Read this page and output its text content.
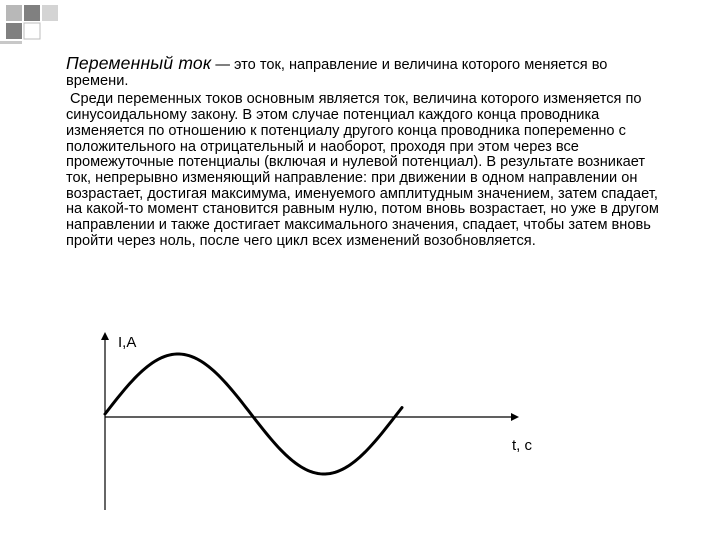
Переменный ток — это ток, направление и величина которого меняется во времени.

Среди переменных токов основным является ток, величина которого изменяется по синусоидальному закону. В этом случае потенциал каждого конца проводника изменяется по отношению к потенциалу другого конца проводника попеременно с положительного на отрицательный и наоборот, проходя при этом через все промежуточные потенциалы (включая и нулевой потенциал). В результате возникает ток, непрерывно изменяющий направление: при движении в одном направлении он возрастает, достигая максимума, именуемого амплитудным значением, затем спадает, на какой-то момент становится равным нулю, потом вновь возрастает, но уже в другом направлении и также достигает максимального значения, спадает, чтобы затем вновь пройти через ноль, после чего цикл всех изменений возобновляется.

I,A
t, c
